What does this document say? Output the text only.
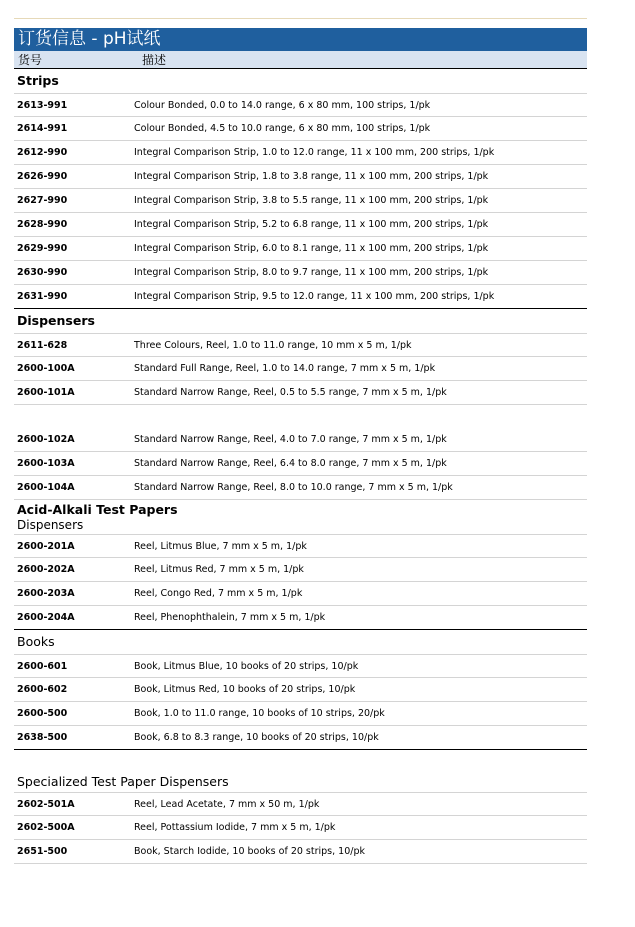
订货信息 - pH试纸
货号	描述
Strips
2613-991	Colour Bonded, 0.0 to 14.0 range, 6 x 80 mm, 100 strips, 1/pk
2614-991	Colour Bonded, 4.5 to 10.0 range, 6 x 80 mm, 100 strips, 1/pk
2612-990	Integral Comparison Strip, 1.0 to 12.0 range, 11 x 100 mm, 200 strips, 1/pk
2626-990	Integral Comparison Strip, 1.8 to 3.8 range, 11 x 100 mm, 200 strips, 1/pk
2627-990	Integral Comparison Strip, 3.8 to 5.5 range, 11 x 100 mm, 200 strips, 1/pk
2628-990	Integral Comparison Strip, 5.2 to 6.8 range, 11 x 100 mm, 200 strips, 1/pk
2629-990	Integral Comparison Strip, 6.0 to 8.1 range, 11 x 100 mm, 200 strips, 1/pk
2630-990	Integral Comparison Strip, 8.0 to 9.7 range, 11 x 100 mm, 200 strips, 1/pk
2631-990	Integral Comparison Strip, 9.5 to 12.0 range, 11 x 100 mm, 200 strips, 1/pk
Dispensers
2611-628	Three Colours, Reel, 1.0 to 11.0 range, 10 mm x 5 m, 1/pk
2600-100A	Standard Full Range, Reel, 1.0 to 14.0 range, 7 mm x 5 m, 1/pk
2600-101A	Standard Narrow Range, Reel, 0.5 to 5.5 range, 7 mm x 5 m, 1/pk
2600-102A	Standard Narrow Range, Reel, 4.0 to 7.0 range, 7 mm x 5 m, 1/pk
2600-103A	Standard Narrow Range, Reel, 6.4 to 8.0 range, 7 mm x 5 m, 1/pk
2600-104A	Standard Narrow Range, Reel, 8.0 to 10.0 range, 7 mm x 5 m, 1/pk
Acid-Alkali Test Papers
Dispensers
2600-201A	Reel, Litmus Blue, 7 mm x 5 m, 1/pk
2600-202A	Reel, Litmus Red, 7 mm x 5 m, 1/pk
2600-203A	Reel, Congo Red, 7 mm x 5 m, 1/pk
2600-204A	Reel, Phenophthalein, 7 mm x 5 m, 1/pk
Books
2600-601	Book, Litmus Blue, 10 books of 20 strips, 10/pk
2600-602	Book, Litmus Red, 10 books of 20 strips, 10/pk
2600-500	Book, 1.0 to 11.0 range, 10 books of 10 strips, 20/pk
2638-500	Book, 6.8 to 8.3 range, 10 books of 20 strips, 10/pk
Specialized Test Paper Dispensers
2602-501A	Reel, Lead Acetate, 7 mm x 50 m, 1/pk
2602-500A	Reel, Pottassium Iodide, 7 mm x 5 m, 1/pk
2651-500	Book, Starch Iodide, 10 books of 20 strips, 10/pk
